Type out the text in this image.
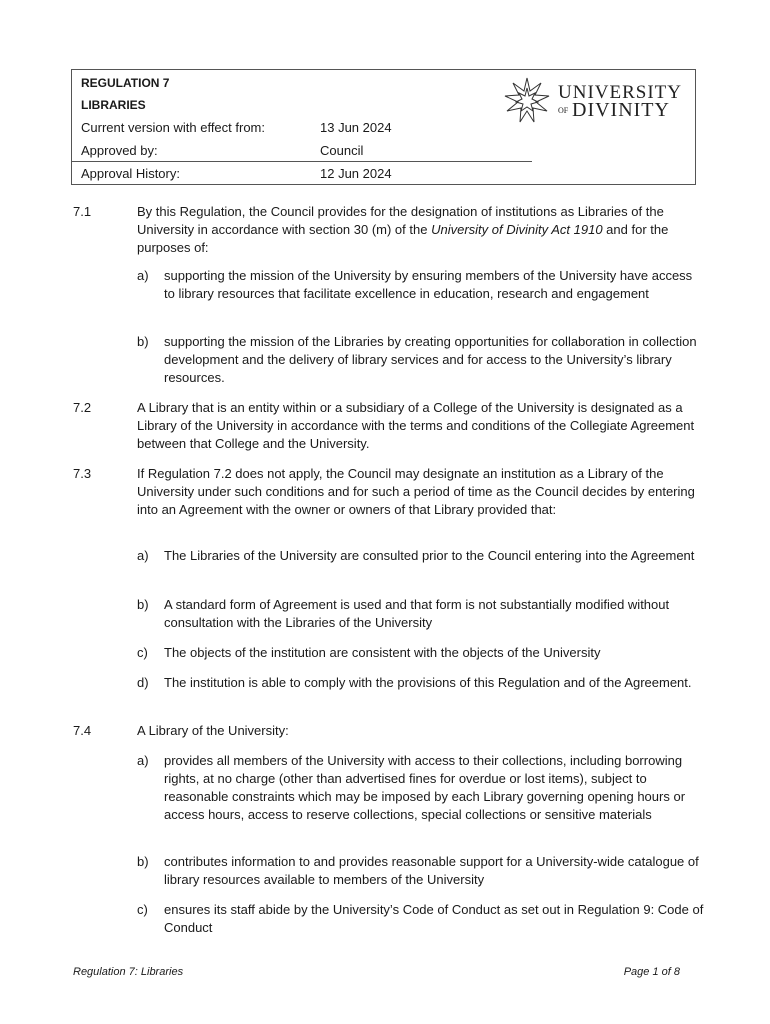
REGULATION 7
LIBRARIES
Current version with effect from:	13 Jun 2024
Approved by:	Council
Approval History:	12 Jun 2024
UNIVERSITY
OF DIVINITY
7.1	By this Regulation, the Council provides for the designation of institutions as Libraries of the University in accordance with section 30 (m) of the University of Divinity Act 1910 and for the purposes of:
a) supporting the mission of the University by ensuring members of the University have access to library resources that facilitate excellence in education, research and engagement
b) supporting the mission of the Libraries by creating opportunities for collaboration in collection development and the delivery of library services and for access to the University’s library resources.
7.2	A Library that is an entity within or a subsidiary of a College of the University is designated as a Library of the University in accordance with the terms and conditions of the Collegiate Agreement between that College and the University.
7.3	If Regulation 7.2 does not apply, the Council may designate an institution as a Library of the University under such conditions and for such a period of time as the Council decides by entering into an Agreement with the owner or owners of that Library provided that:
a) The Libraries of the University are consulted prior to the Council entering into the Agreement
b) A standard form of Agreement is used and that form is not substantially modified without consultation with the Libraries of the University
c) The objects of the institution are consistent with the objects of the University
d) The institution is able to comply with the provisions of this Regulation and of the Agreement.
7.4	A Library of the University:
a) provides all members of the University with access to their collections, including borrowing rights, at no charge (other than advertised fines for overdue or lost items), subject to reasonable constraints which may be imposed by each Library governing opening hours or access hours, access to reserve collections, special collections or sensitive materials
b) contributes information to and provides reasonable support for a University-wide catalogue of library resources available to members of the University
c) ensures its staff abide by the University’s Code of Conduct as set out in Regulation 9: Code of Conduct
Regulation 7: Libraries	Page 1 of 8
